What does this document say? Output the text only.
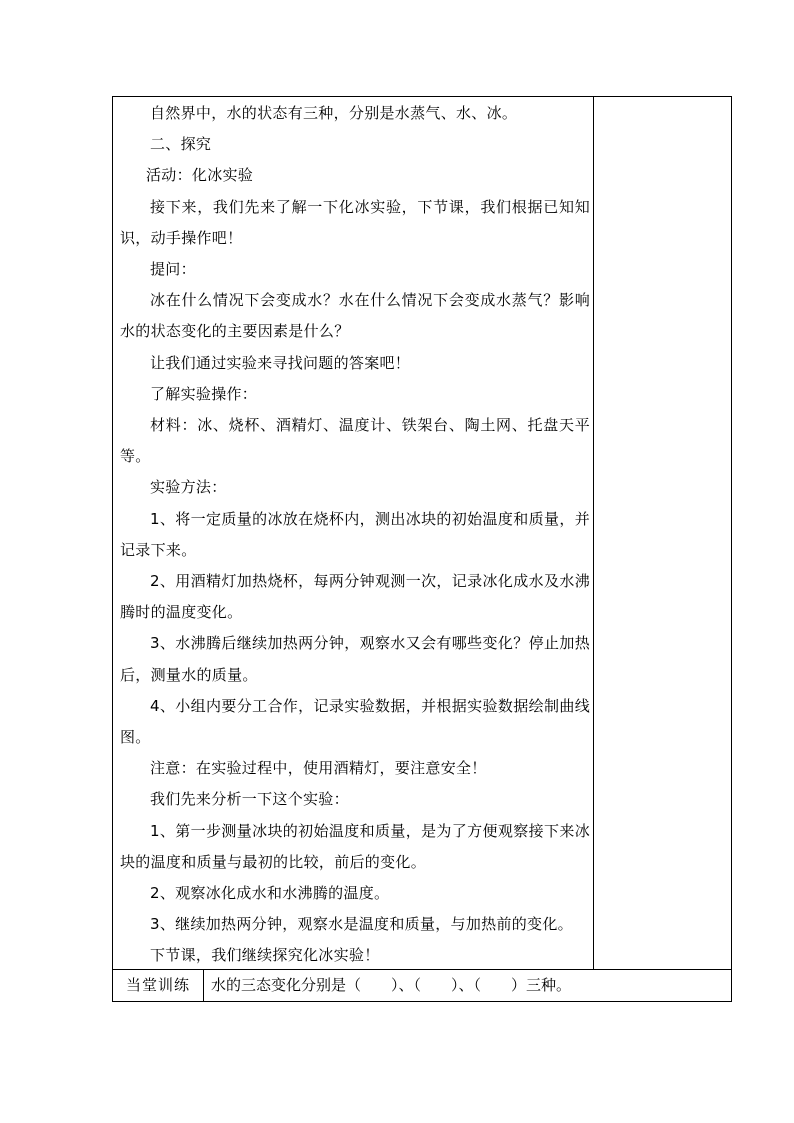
自然界中，水的状态有三种，分别是水蒸气、水、冰。

二、探究

活动：化冰实验

接下来，我们先来了解一下化冰实验，下节课，我们根据已知知识，动手操作吧！

提问：

冰在什么情况下会变成水？水在什么情况下会变成水蒸气？影响水的状态变化的主要因素是什么？

让我们通过实验来寻找问题的答案吧！

了解实验操作：

材料：冰、烧杯、酒精灯、温度计、铁架台、陶土网、托盘天平等。

实验方法：

1、将一定质量的冰放在烧杯内，测出冰块的初始温度和质量，并记录下来。

2、用酒精灯加热烧杯，每两分钟观测一次，记录冰化成水及水沸腾时的温度变化。

3、水沸腾后继续加热两分钟，观察水又会有哪些变化？停止加热后，测量水的质量。

4、小组内要分工合作，记录实验数据，并根据实验数据绘制曲线图。

注意：在实验过程中，使用酒精灯，要注意安全！

我们先来分析一下这个实验：

1、第一步测量冰块的初始温度和质量，是为了方便观察接下来冰块的温度和质量与最初的比较，前后的变化。

2、观察冰化成水和水沸腾的温度。

3、继续加热两分钟，观察水是温度和质量，与加热前的变化。

下节课，我们继续探究化冰实验！

当堂训练	水的三态变化分别是（　　）、（　　）、（　　）三种。
